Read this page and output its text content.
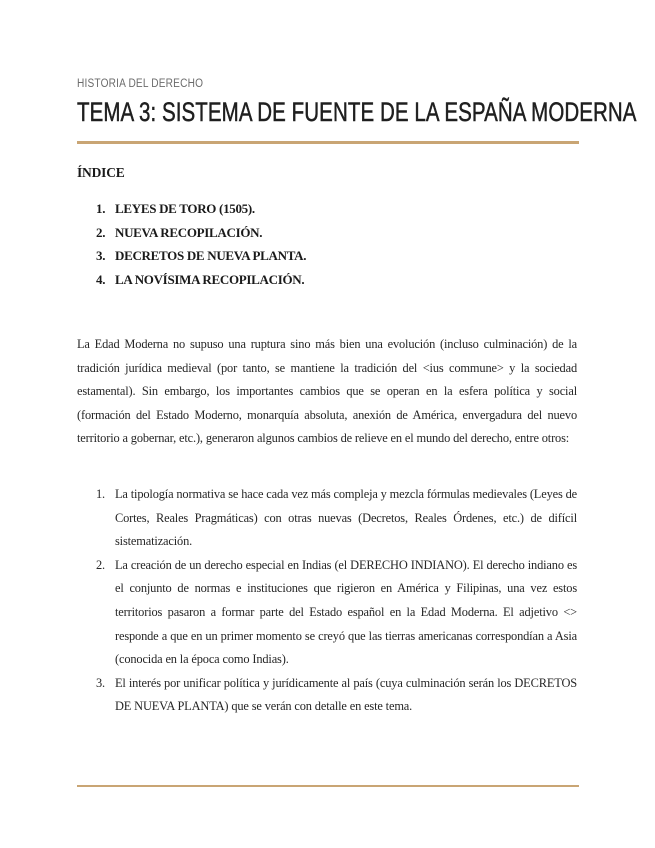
HISTORIA DEL DERECHO
TEMA 3: SISTEMA DE FUENTE DE LA ESPAÑA MODERNA
ÍNDICE
1. LEYES DE TORO (1505).
2. NUEVA RECOPILACIÓN.
3. DECRETOS DE NUEVA PLANTA.
4. LA NOVÍSIMA RECOPILACIÓN.

La Edad Moderna no supuso una ruptura sino más bien una evolución (incluso culminación) de la tradición jurídica medieval (por tanto, se mantiene la tradición del <ius commune> y la sociedad estamental). Sin embargo, los importantes cambios que se operan en la esfera política y social (formación del Estado Moderno, monarquía absoluta, anexión de América, envergadura del nuevo territorio a gobernar, etc.), generaron algunos cambios de relieve en el mundo del derecho, entre otros:

1. La tipología normativa se hace cada vez más compleja y mezcla fórmulas medievales (Leyes de Cortes, Reales Pragmáticas) con otras nuevas (Decretos, Reales Órdenes, etc.) de difícil sistematización.
2. La creación de un derecho especial en Indias (el DERECHO INDIANO). El derecho indiano es el conjunto de normas e instituciones que rigieron en América y Filipinas, una vez estos territorios pasaron a formar parte del Estado español en la Edad Moderna. El adjetivo <> responde a que en un primer momento se creyó que las tierras americanas correspondían a Asia (conocida en la época como Indias).
3. El interés por unificar política y jurídicamente al país (cuya culminación serán los DECRETOS DE NUEVA PLANTA) que se verán con detalle en este tema.
